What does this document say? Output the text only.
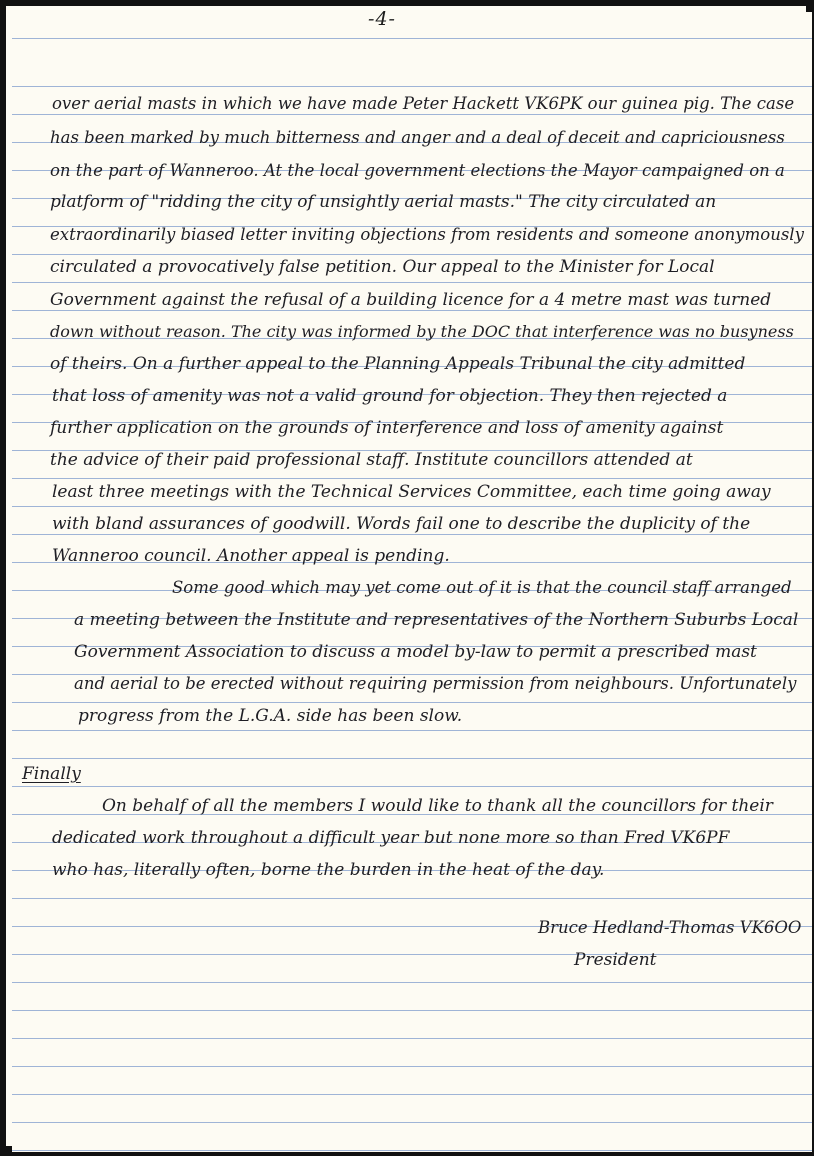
-4-
over aerial masts in which we have made Peter Hackett VK6PK our guinea pig. The case
has been marked by much bitterness and anger and a deal of deceit and capriciousness
on the part of Wanneroo. At the local government elections the Mayor campaigned on a
platform of "ridding the city of unsightly aerial masts." The city circulated an
extraordinarily biased letter inviting objections from residents and someone anonymously
circulated a provocatively false petition. Our appeal to the Minister for Local
Government against the refusal of a building licence for a 4 metre mast was turned
down without reason. The city was informed by the DOC that interference was no busyness
of theirs. On a further appeal to the Planning Appeals Tribunal the city admitted
that loss of amenity was not a valid ground for objection. They then rejected a
further application on the grounds of interference and loss of amenity against
the advice of their paid professional staff. Institute councillors attended at
least three meetings with the Technical Services Committee, each time going away
with bland assurances of goodwill. Words fail one to describe the duplicity of the
Wanneroo council. Another appeal is pending.
Some good which may yet come out of it is that the council staff arranged
a meeting between the Institute and representatives of the Northern Suburbs Local
Government Association to discuss a model by-law to permit a prescribed mast
and aerial to be erected without requiring permission from neighbours. Unfortunately
progress from the L.G.A. side has been slow.
Finally
On behalf of all the members I would like to thank all the councillors for their
dedicated work throughout a difficult year but none more so than Fred VK6PF
who has, literally often, borne the burden in the heat of the day.
Bruce Hedland-Thomas VK6OO
President
